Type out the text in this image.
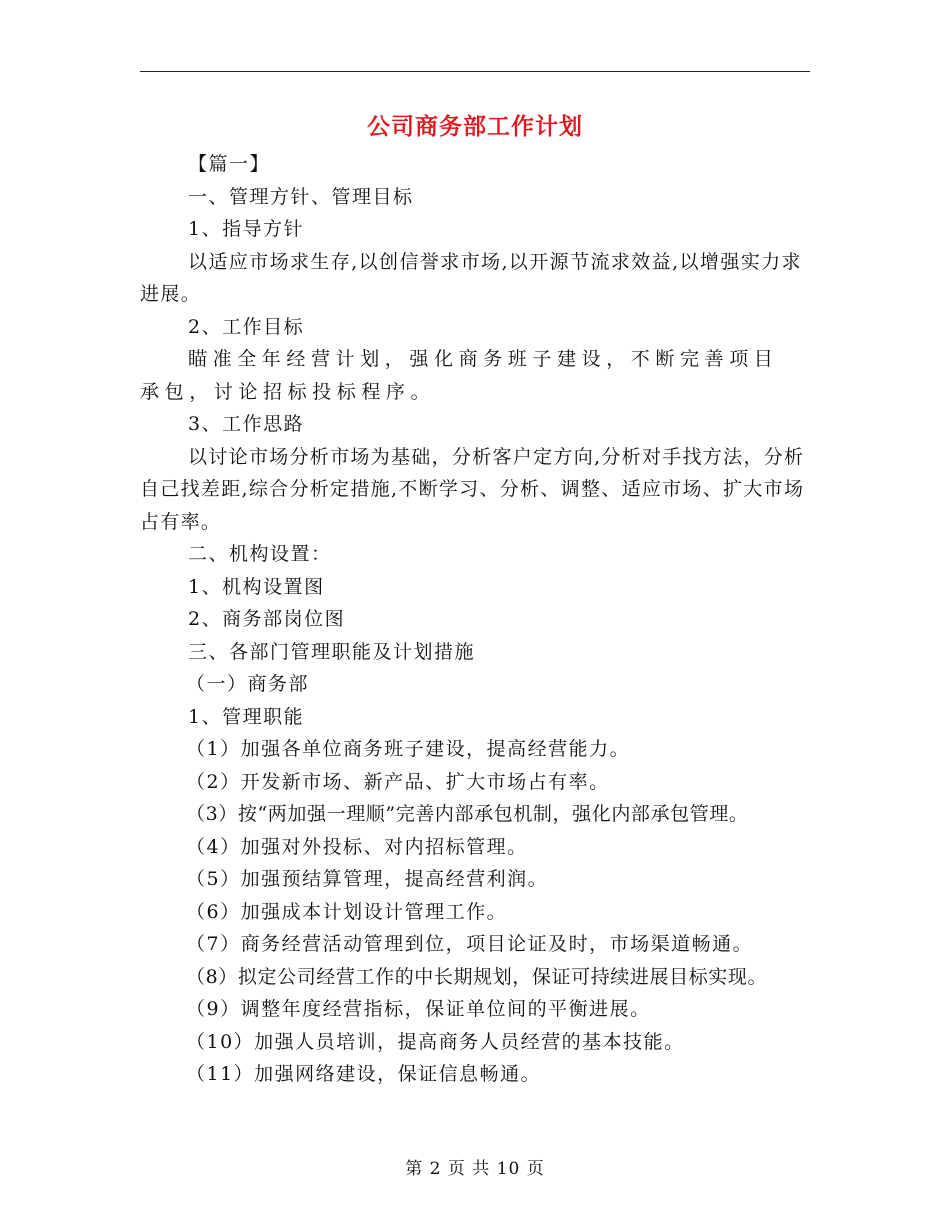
公司商务部工作计划

【篇一】

一、管理方针、管理目标

1、指导方针

以适应市场求生存,以创信誉求市场,以开源节流求效益,以增强实力求进展。

2、工作目标

瞄准全年经营计划，强化商务班子建设，不断完善项目承包，讨论招标投标程序。

3、工作思路

以讨论市场分析市场为基础，分析客户定方向,分析对手找方法，分析自己找差距,综合分析定措施,不断学习、分析、调整、适应市场、扩大市场占有率。

二、机构设置：

1、机构设置图

2、商务部岗位图

三、各部门管理职能及计划措施

（一）商务部

1、管理职能

（1）加强各单位商务班子建设，提高经营能力。

（2）开发新市场、新产品、扩大市场占有率。

（3）按“两加强一理顺”完善内部承包机制，强化内部承包管理。

（4）加强对外投标、对内招标管理。

（5）加强预结算管理，提高经营利润。

（6）加强成本计划设计管理工作。

（7）商务经营活动管理到位，项目论证及时，市场渠道畅通。

（8）拟定公司经营工作的中长期规划，保证可持续进展目标实现。

（9）调整年度经营指标，保证单位间的平衡进展。

（10）加强人员培训，提高商务人员经营的基本技能。

（11）加强网络建设，保证信息畅通。

第 2 页 共 10 页
